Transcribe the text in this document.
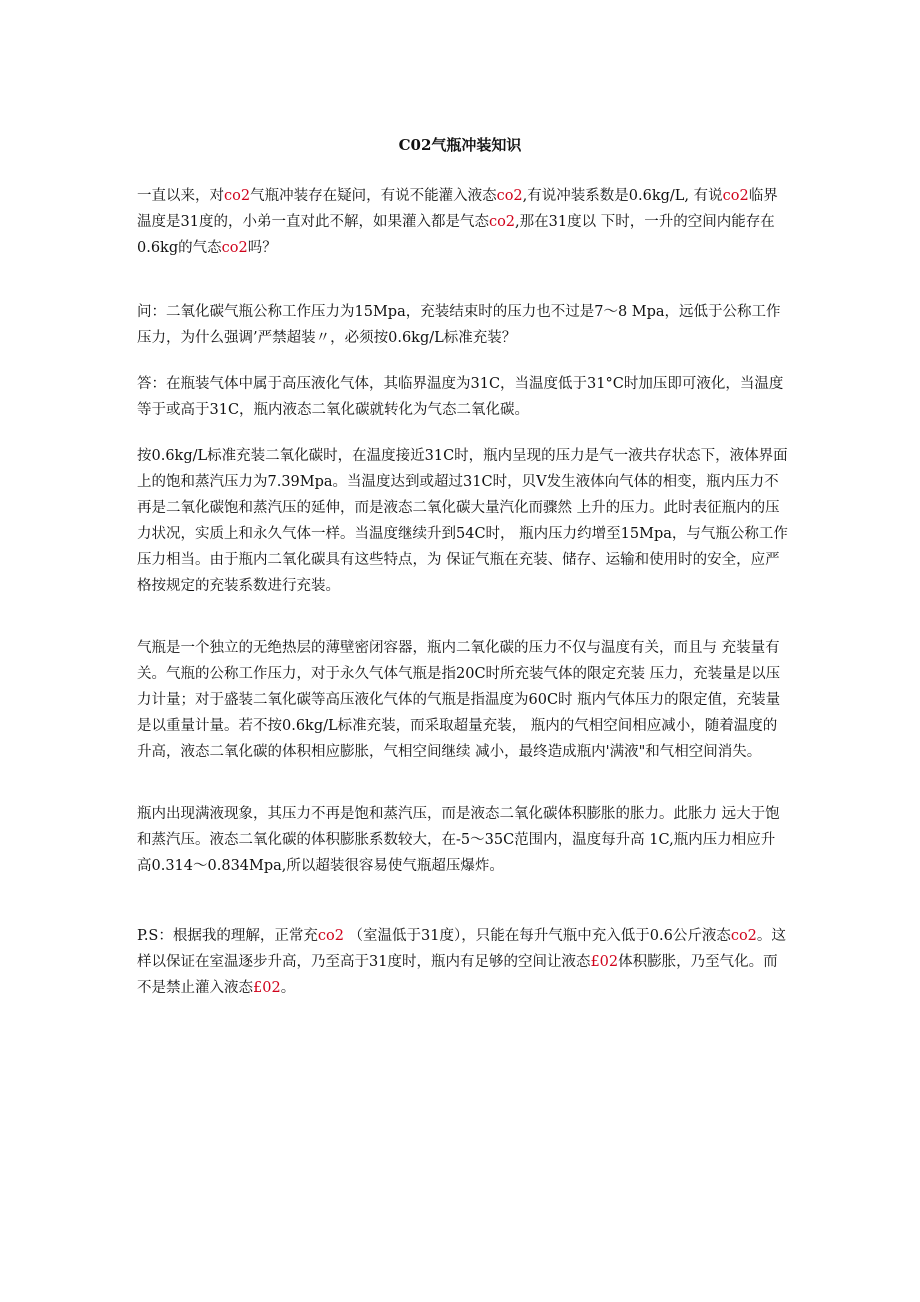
C02气瓶冲装知识

一直以来，对co2气瓶冲装存在疑问，有说不能灌入液态co2,有说冲装系数是0.6kg/L, 有说co2临界温度是31度的，小弟一直对此不解，如果灌入都是气态co2,那在31度以 下时，一升的空间内能存在0.6kg的气态co2吗？

问：二氧化碳气瓶公称工作压力为15Mpa，充装结束时的压力也不过是7〜8 Mpa，远低于公称工作压力，为什么强调’严禁超装〃，必须按0.6kg/L标准充装？

答：在瓶装气体中属于高压液化气体，其临界温度为31C，当温度低于31°C时加压即可液化，当温度等于或高于31C，瓶内液态二氧化碳就转化为气态二氧化碳。

按0.6kg/L标准充装二氧化碳时，在温度接近31C时，瓶内呈现的压力是气一液共存状态下，液体界面上的饱和蒸汽压力为7.39Mpa。当温度达到或超过31C时，贝V发生液体向气体的相变，瓶内压力不再是二氧化碳饱和蒸汽压的延伸，而是液态二氧化碳大量汽化而骤然 上升的压力。此时表征瓶内的压力状况，实质上和永久气体一样。当温度继续升到54C时， 瓶内压力约增至15Mpa，与气瓶公称工作压力相当。由于瓶内二氧化碳具有这些特点，为 保证气瓶在充装、储存、运输和使用时的安全，应严格按规定的充装系数进行充装。

气瓶是一个独立的无绝热层的薄壁密闭容器，瓶内二氧化碳的压力不仅与温度有关，而且与 充装量有关。气瓶的公称工作压力，对于永久气体气瓶是指20C时所充装气体的限定充装 压力，充装量是以压力计量；对于盛装二氧化碳等高压液化气体的气瓶是指温度为60C时 瓶内气体压力的限定值，充装量是以重量计量。若不按0.6kg/L标准充装，而采取超量充装， 瓶内的气相空间相应减小，随着温度的升高，液态二氧化碳的体积相应膨胀，气相空间继续 减小，最终造成瓶内'满液"和气相空间消失。

瓶内出现满液现象，其压力不再是饱和蒸汽压，而是液态二氧化碳体积膨胀的胀力。此胀力 远大于饱和蒸汽压。液态二氧化碳的体积膨胀系数较大，在-5〜35C范围内，温度每升高 1C,瓶内压力相应升高0.314〜0.834Mpa,所以超装很容易使气瓶超压爆炸。

P.S：根据我的理解，正常充co2 （室温低于31度），只能在每升气瓶中充入低于0.6公斤液态co2。这样以保证在室温逐步升高，乃至高于31度时，瓶内有足够的空间让液态£02体积膨胀，乃至气化。而不是禁止灌入液态£02。
